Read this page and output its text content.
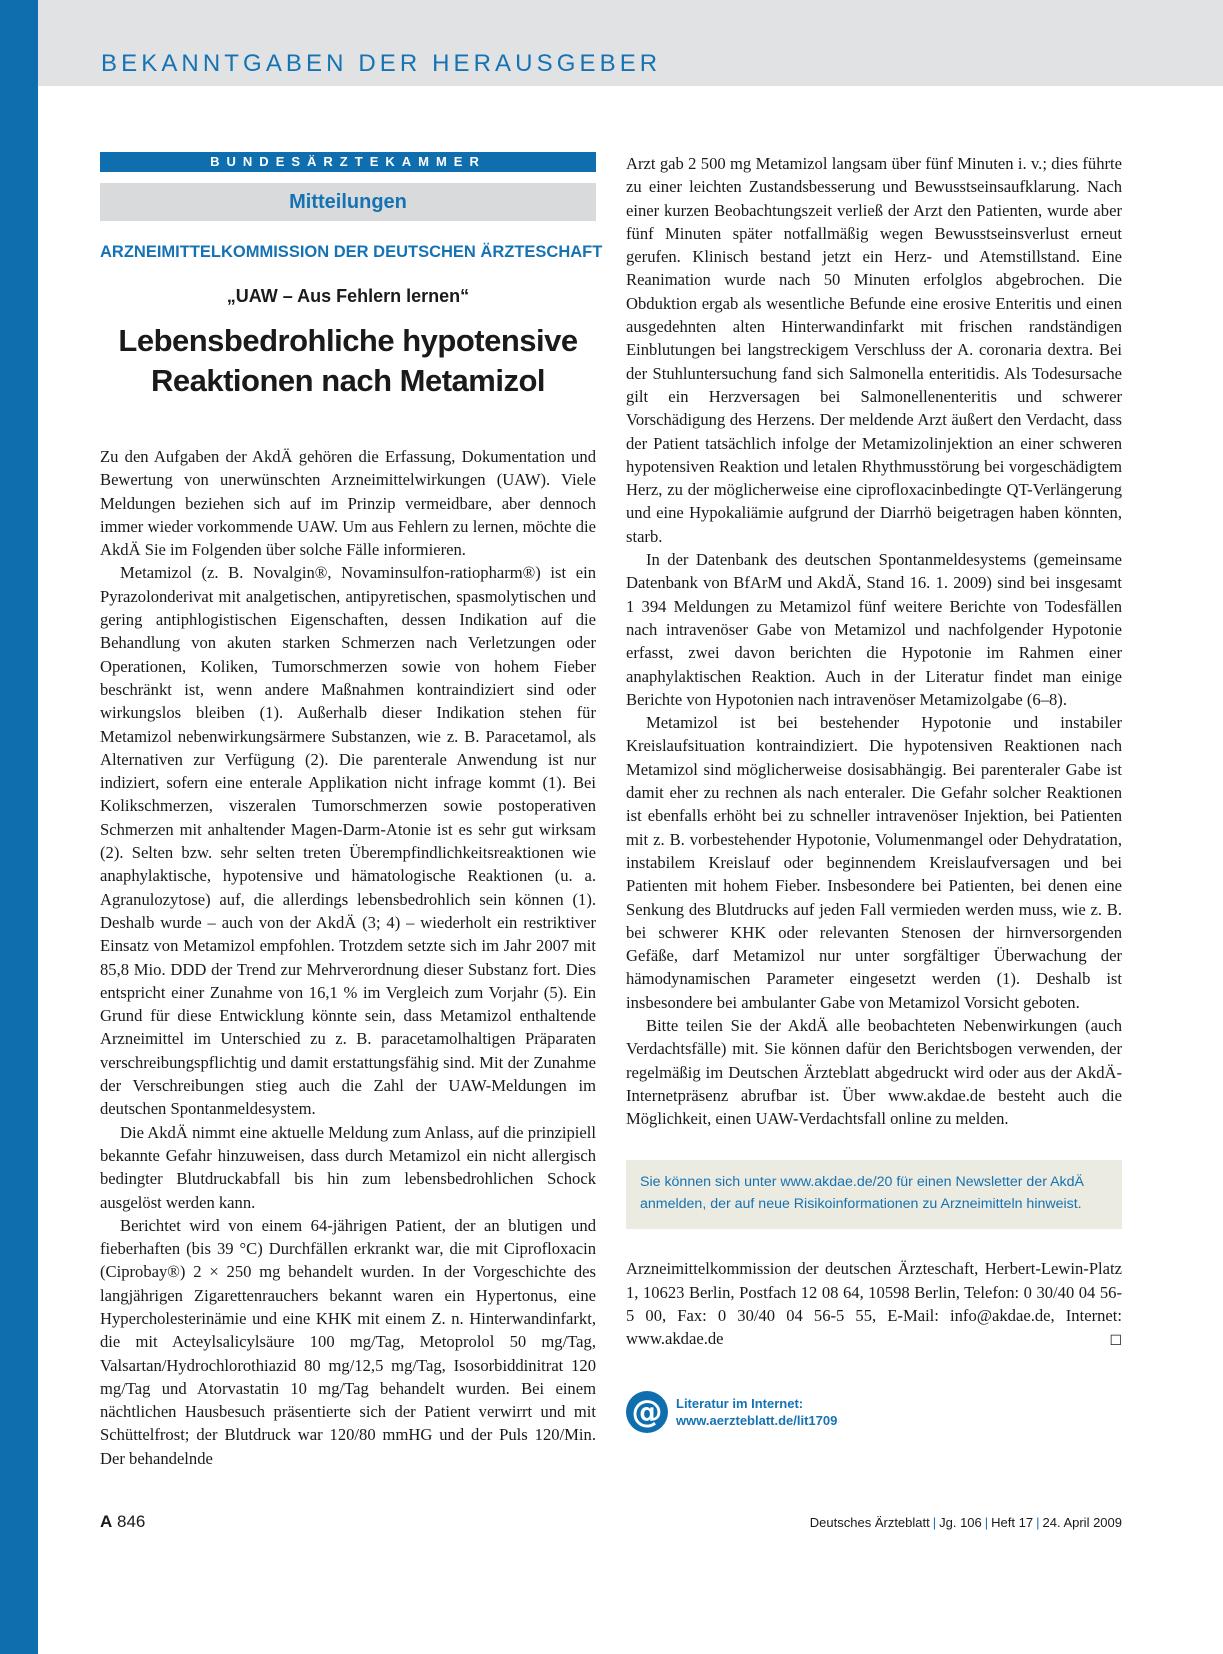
BEKANNTGABEN DER HERAUSGEBER
BUNDESÄRZTEKAMMER
Mitteilungen
ARZNEIMITTELKOMMISSION DER DEUTSCHEN ÄRZTESCHAFT
„UAW – Aus Fehlern lernen“
Lebensbedrohliche hypotensive
Reaktionen nach Metamizol

Zu den Aufgaben der AkdÄ gehören die Erfassung, Dokumentation und Bewertung von unerwünschten Arzneimittelwirkungen (UAW). Viele Meldungen beziehen sich auf im Prinzip vermeidbare, aber dennoch immer wieder vorkommende UAW. Um aus Fehlern zu lernen, möchte die AkdÄ Sie im Folgenden über solche Fälle informieren.

Metamizol (z. B. Novalgin®, Novaminsulfon-ratiopharm®) ist ein Pyrazolonderivat mit analgetischen, antipyretischen, spasmolytischen und gering antiphlogistischen Eigenschaften, dessen Indikation auf die Behandlung von akuten starken Schmerzen nach Verletzungen oder Operationen, Koliken, Tumorschmerzen sowie von hohem Fieber beschränkt ist, wenn andere Maßnahmen kontraindiziert sind oder wirkungslos bleiben (1). Außerhalb dieser Indikation stehen für Metamizol nebenwirkungsärmere Substanzen, wie z. B. Paracetamol, als Alternativen zur Verfügung (2). Die parenterale Anwendung ist nur indiziert, sofern eine enterale Applikation nicht infrage kommt (1). Bei Kolikschmerzen, viszeralen Tumorschmerzen sowie postoperativen Schmerzen mit anhaltender Magen-Darm-Atonie ist es sehr gut wirksam (2). Selten bzw. sehr selten treten Überempfindlichkeitsreaktionen wie anaphylaktische, hypotensive und hämatologische Reaktionen (u. a. Agranulozytose) auf, die allerdings lebensbedrohlich sein können (1). Deshalb wurde – auch von der AkdÄ (3; 4) – wiederholt ein restriktiver Einsatz von Metamizol empfohlen. Trotzdem setzte sich im Jahr 2007 mit 85,8 Mio. DDD der Trend zur Mehrverordnung dieser Substanz fort. Dies entspricht einer Zunahme von 16,1 % im Vergleich zum Vorjahr (5). Ein Grund für diese Entwicklung könnte sein, dass Metamizol enthaltende Arzneimittel im Unterschied zu z. B. paracetamolhaltigen Präparaten verschreibungspflichtig und damit erstattungsfähig sind. Mit der Zunahme der Verschreibungen stieg auch die Zahl der UAW-Meldungen im deutschen Spontanmeldesystem.

Die AkdÄ nimmt eine aktuelle Meldung zum Anlass, auf die prinzipiell bekannte Gefahr hinzuweisen, dass durch Metamizol ein nicht allergisch bedingter Blutdruckabfall bis hin zum lebensbedrohlichen Schock ausgelöst werden kann.

Berichtet wird von einem 64-jährigen Patient, der an blutigen und fieberhaften (bis 39 °C) Durchfällen erkrankt war, die mit Ciprofloxacin (Ciprobay®) 2 × 250 mg behandelt wurden. In der Vorgeschichte des langjährigen Zigarettenrauchers bekannt waren ein Hypertonus, eine Hypercholesterinämie und eine KHK mit einem Z. n. Hinterwandinfarkt, die mit Acteylsalicylsäure 100 mg/Tag, Metoprolol 50 mg/Tag, Valsartan/Hydrochlorothiazid 80 mg/12,5 mg/Tag, Isosorbiddinitrat 120 mg/Tag und Atorvastatin 10 mg/Tag behandelt wurden. Bei einem nächtlichen Hausbesuch präsentierte sich der Patient verwirrt und mit Schüttelfrost; der Blutdruck war 120/80 mmHG und der Puls 120/Min. Der behandelnde

Arzt gab 2 500 mg Metamizol langsam über fünf Minuten i. v.; dies führte zu einer leichten Zustandsbesserung und Bewusstseinsaufklarung. Nach einer kurzen Beobachtungszeit verließ der Arzt den Patienten, wurde aber fünf Minuten später notfallmäßig wegen Bewusstseinsverlust erneut gerufen. Klinisch bestand jetzt ein Herz- und Atemstillstand. Eine Reanimation wurde nach 50 Minuten erfolglos abgebrochen. Die Obduktion ergab als wesentliche Befunde eine erosive Enteritis und einen ausgedehnten alten Hinterwandinfarkt mit frischen randständigen Einblutungen bei langstreckigem Verschluss der A. coronaria dextra. Bei der Stuhluntersuchung fand sich Salmonella enteritidis. Als Todesursache gilt ein Herzversagen bei Salmonellenenteritis und schwerer Vorschädigung des Herzens. Der meldende Arzt äußert den Verdacht, dass der Patient tatsächlich infolge der Metamizolinjektion an einer schweren hypotensiven Reaktion und letalen Rhythmusstörung bei vorgeschädigtem Herz, zu der möglicherweise eine ciprofloxacinbedingte QT-Verlängerung und eine Hypokaliämie aufgrund der Diarrhö beigetragen haben könnten, starb.

In der Datenbank des deutschen Spontanmeldesystems (gemeinsame Datenbank von BfArM und AkdÄ, Stand 16. 1. 2009) sind bei insgesamt 1 394 Meldungen zu Metamizol fünf weitere Berichte von Todesfällen nach intravenöser Gabe von Metamizol und nachfolgender Hypotonie erfasst, zwei davon berichten die Hypotonie im Rahmen einer anaphylaktischen Reaktion. Auch in der Literatur findet man einige Berichte von Hypotonien nach intravenöser Metamizolgabe (6–8).

Metamizol ist bei bestehender Hypotonie und instabiler Kreislaufsituation kontraindiziert. Die hypotensiven Reaktionen nach Metamizol sind möglicherweise dosisabhängig. Bei parenteraler Gabe ist damit eher zu rechnen als nach enteraler. Die Gefahr solcher Reaktionen ist ebenfalls erhöht bei zu schneller intravenöser Injektion, bei Patienten mit z. B. vorbestehender Hypotonie, Volumenmangel oder Dehydratation, instabilem Kreislauf oder beginnendem Kreislaufversagen und bei Patienten mit hohem Fieber. Insbesondere bei Patienten, bei denen eine Senkung des Blutdrucks auf jeden Fall vermieden werden muss, wie z. B. bei schwerer KHK oder relevanten Stenosen der hirnversorgenden Gefäße, darf Metamizol nur unter sorgfältiger Überwachung der hämodynamischen Parameter eingesetzt werden (1). Deshalb ist insbesondere bei ambulanter Gabe von Metamizol Vorsicht geboten.

Bitte teilen Sie der AkdÄ alle beobachteten Nebenwirkungen (auch Verdachtsfälle) mit. Sie können dafür den Berichtsbogen verwenden, der regelmäßig im Deutschen Ärzteblatt abgedruckt wird oder aus der AkdÄ-Internetpräsenz abrufbar ist. Über www.akdae.de besteht auch die Möglichkeit, einen UAW-Verdachtsfall online zu melden.

Sie können sich unter www.akdae.de/20 für einen Newsletter der AkdÄ anmelden, der auf neue Risikoinformationen zu Arzneimitteln hinweist.
Arzneimittelkommission der deutschen Ärzteschaft, Herbert-Lewin-Platz 1, 10623 Berlin, Postfach 12 08 64, 10598 Berlin, Telefon: 0 30/40 04 56-5 00, Fax: 0 30/40 04 56-5 55, E-Mail: info@akdae.de, Internet: www.akdae.de	☐
@	Literatur im Internet:
www.aerzteblatt.de/lit1709
A 846	Deutsches Ärzteblatt | Jg. 106 | Heft 17 | 24. April 2009
